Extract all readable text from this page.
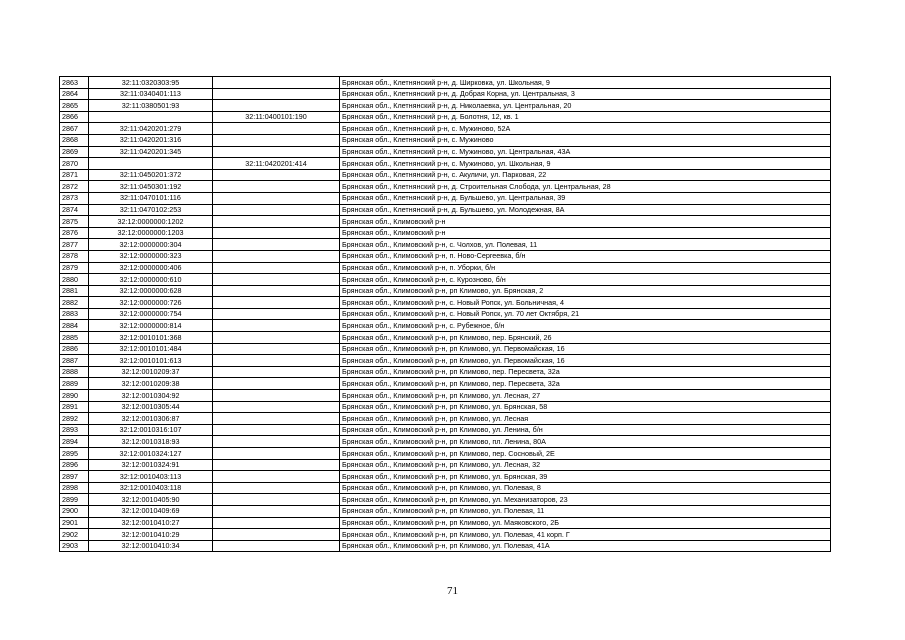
2863	32:11:0320303:95		Брянская обл., Клетнянский р-н, д. Ширковка, ул. Школьная, 9
2864	32:11:0340401:113		Брянская обл., Клетнянский р-н, д. Добрая Корна, ул. Центральная, 3
2865	32:11:0380501:93		Брянская обл., Клетнянский р-н, д. Николаевка, ул. Центральная, 20
2866		32:11:0400101:190	Брянская обл., Клетнянский р-н, д. Болотня, 12, кв. 1
2867	32:11:0420201:279		Брянская обл., Клетнянский р-н, с. Мужиново, 52А
2868	32:11:0420201:316		Брянская обл., Клетнянский р-н, с. Мужиново
2869	32:11:0420201:345		Брянская обл., Клетнянский р-н, с. Мужиново, ул. Центральная, 43А
2870		32:11:0420201:414	Брянская обл., Клетнянский р-н, с. Мужиново, ул. Школьная, 9
2871	32:11:0450201:372		Брянская обл., Клетнянский р-н, с. Акуличи, ул. Парковая, 22
2872	32:11:0450301:192		Брянская обл., Клетнянский р-н, д. Строительная Слобода, ул. Центральная, 28
2873	32:11:0470101:116		Брянская обл., Клетнянский р-н, д. Бульшево, ул. Центральная, 39
2874	32:11:0470102:253		Брянская обл., Клетнянский р-н, д. Бульшево, ул. Молодежная, 8А
2875	32:12:0000000:1202		Брянская обл., Климовский р-н
2876	32:12:0000000:1203		Брянская обл., Климовский р-н
2877	32:12:0000000:304		Брянская обл., Климовский р-н, с. Чолхов, ул. Полевая, 11
2878	32:12:0000000:323		Брянская обл., Климовский р-н, п. Ново-Сергеевка, б/н
2879	32:12:0000000:406		Брянская обл., Климовский р-н, п. Уборки, б/н
2880	32:12:0000000:610		Брянская обл., Климовский р-н, с. Курозново, б/н
2881	32:12:0000000:628		Брянская обл., Климовский р-н, рп Климово, ул. Брянская, 2
2882	32:12:0000000:726		Брянская обл., Климовский р-н, с. Новый Ропск, ул. Больничная, 4
2883	32:12:0000000:754		Брянская обл., Климовский р-н, с. Новый Ропск, ул. 70 лет Октября, 21
2884	32:12:0000000:814		Брянская обл., Климовский р-н, с. Рубежное, б/н
2885	32:12:0010101:368		Брянская обл., Климовский р-н, рп Климово, пер. Брянский, 26
2886	32:12:0010101:484		Брянская обл., Климовский р-н, рп Климово, ул. Первомайская, 16
2887	32:12:0010101:613		Брянская обл., Климовский р-н, рп Климово, ул. Первомайская, 16
2888	32:12:0010209:37		Брянская обл., Климовский р-н, рп Климово, пер. Пересвета, 32а
2889	32:12:0010209:38		Брянская обл., Климовский р-н, рп Климово, пер. Пересвета, 32а
2890	32:12:0010304:92		Брянская обл., Климовский р-н, рп Климово, ул. Лесная, 27
2891	32:12:0010305:44		Брянская обл., Климовский р-н, рп Климово, ул. Брянская, 58
2892	32:12:0010306:87		Брянская обл., Климовский р-н, рп Климово, ул. Лесная
2893	32:12:0010316:107		Брянская обл., Климовский р-н, рп Климово, ул. Ленина, б/н
2894	32:12:0010318:93		Брянская обл., Климовский р-н, рп Климово, пл. Ленина, 80А
2895	32:12:0010324:127		Брянская обл., Климовский р-н, рп Климово, пер. Сосновый, 2Е
2896	32:12:0010324:91		Брянская обл., Климовский р-н, рп Климово, ул. Лесная, 32
2897	32:12:0010403:113		Брянская обл., Климовский р-н, рп Климово, ул. Брянская, 39
2898	32:12:0010403:118		Брянская обл., Климовский р-н, рп Климово, ул. Полевая, 8
2899	32:12:0010405:90		Брянская обл., Климовский р-н, рп Климово, ул. Механизаторов, 23
2900	32:12:0010409:69		Брянская обл., Климовский р-н, рп Климово, ул. Полевая, 11
2901	32:12:0010410:27		Брянская обл., Климовский р-н, рп Климово, ул. Маяковского, 2Б
2902	32:12:0010410:29		Брянская обл., Климовский р-н, рп Климово, ул. Полевая, 41 корп. Г
2903	32:12:0010410:34		Брянская обл., Климовский р-н, рп Климово, ул. Полевая, 41А
71
